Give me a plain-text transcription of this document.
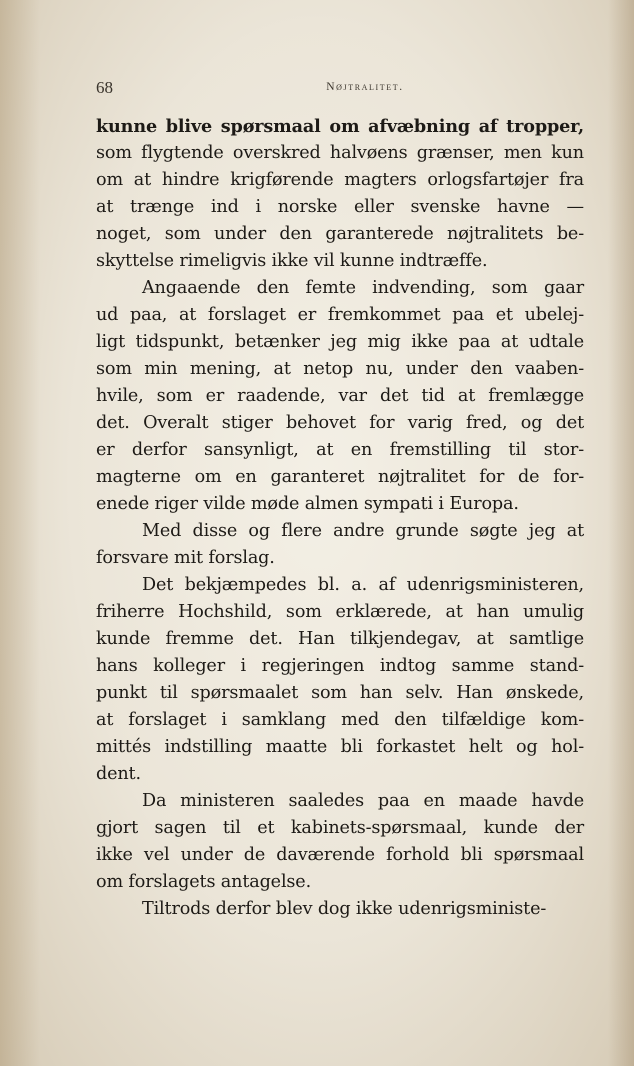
68	Nøjtralitet.
kunne blive spørsmaal om afvæbning af tropper,
som flygtende overskred halvøens grænser, men kun
om at hindre krigførende magters orlogsfartøjer fra
at trænge ind i norske eller svenske havne —
noget, som under den garanterede nøjtralitets be-
skyttelse rimeligvis ikke vil kunne indtræffe.
Angaaende den femte indvending, som gaar
ud paa, at forslaget er fremkommet paa et ubelej-
ligt tidspunkt, betænker jeg mig ikke paa at udtale
som min mening, at netop nu, under den vaaben-
hvile, som er raadende, var det tid at fremlægge
det. Overalt stiger behovet for varig fred, og det
er derfor sansynligt, at en fremstilling til stor-
magterne om en garanteret nøjtralitet for de for-
enede riger vilde møde almen sympati i Europa.
Med disse og flere andre grunde søgte jeg at
forsvare mit forslag.
Det bekjæmpedes bl. a. af udenrigsministeren,
friherre Hochshild, som erklærede, at han umulig
kunde fremme det. Han tilkjendegav, at samtlige
hans kolleger i regjeringen indtog samme stand-
punkt til spørsmaalet som han selv. Han ønskede,
at forslaget i samklang med den tilfældige kom-
mittés indstilling maatte bli forkastet helt og hol-
dent.
Da ministeren saaledes paa en maade havde
gjort sagen til et kabinets-spørsmaal, kunde der
ikke vel under de daværende forhold bli spørsmaal
om forslagets antagelse.
Tiltrods derfor blev dog ikke udenrigsministe-
